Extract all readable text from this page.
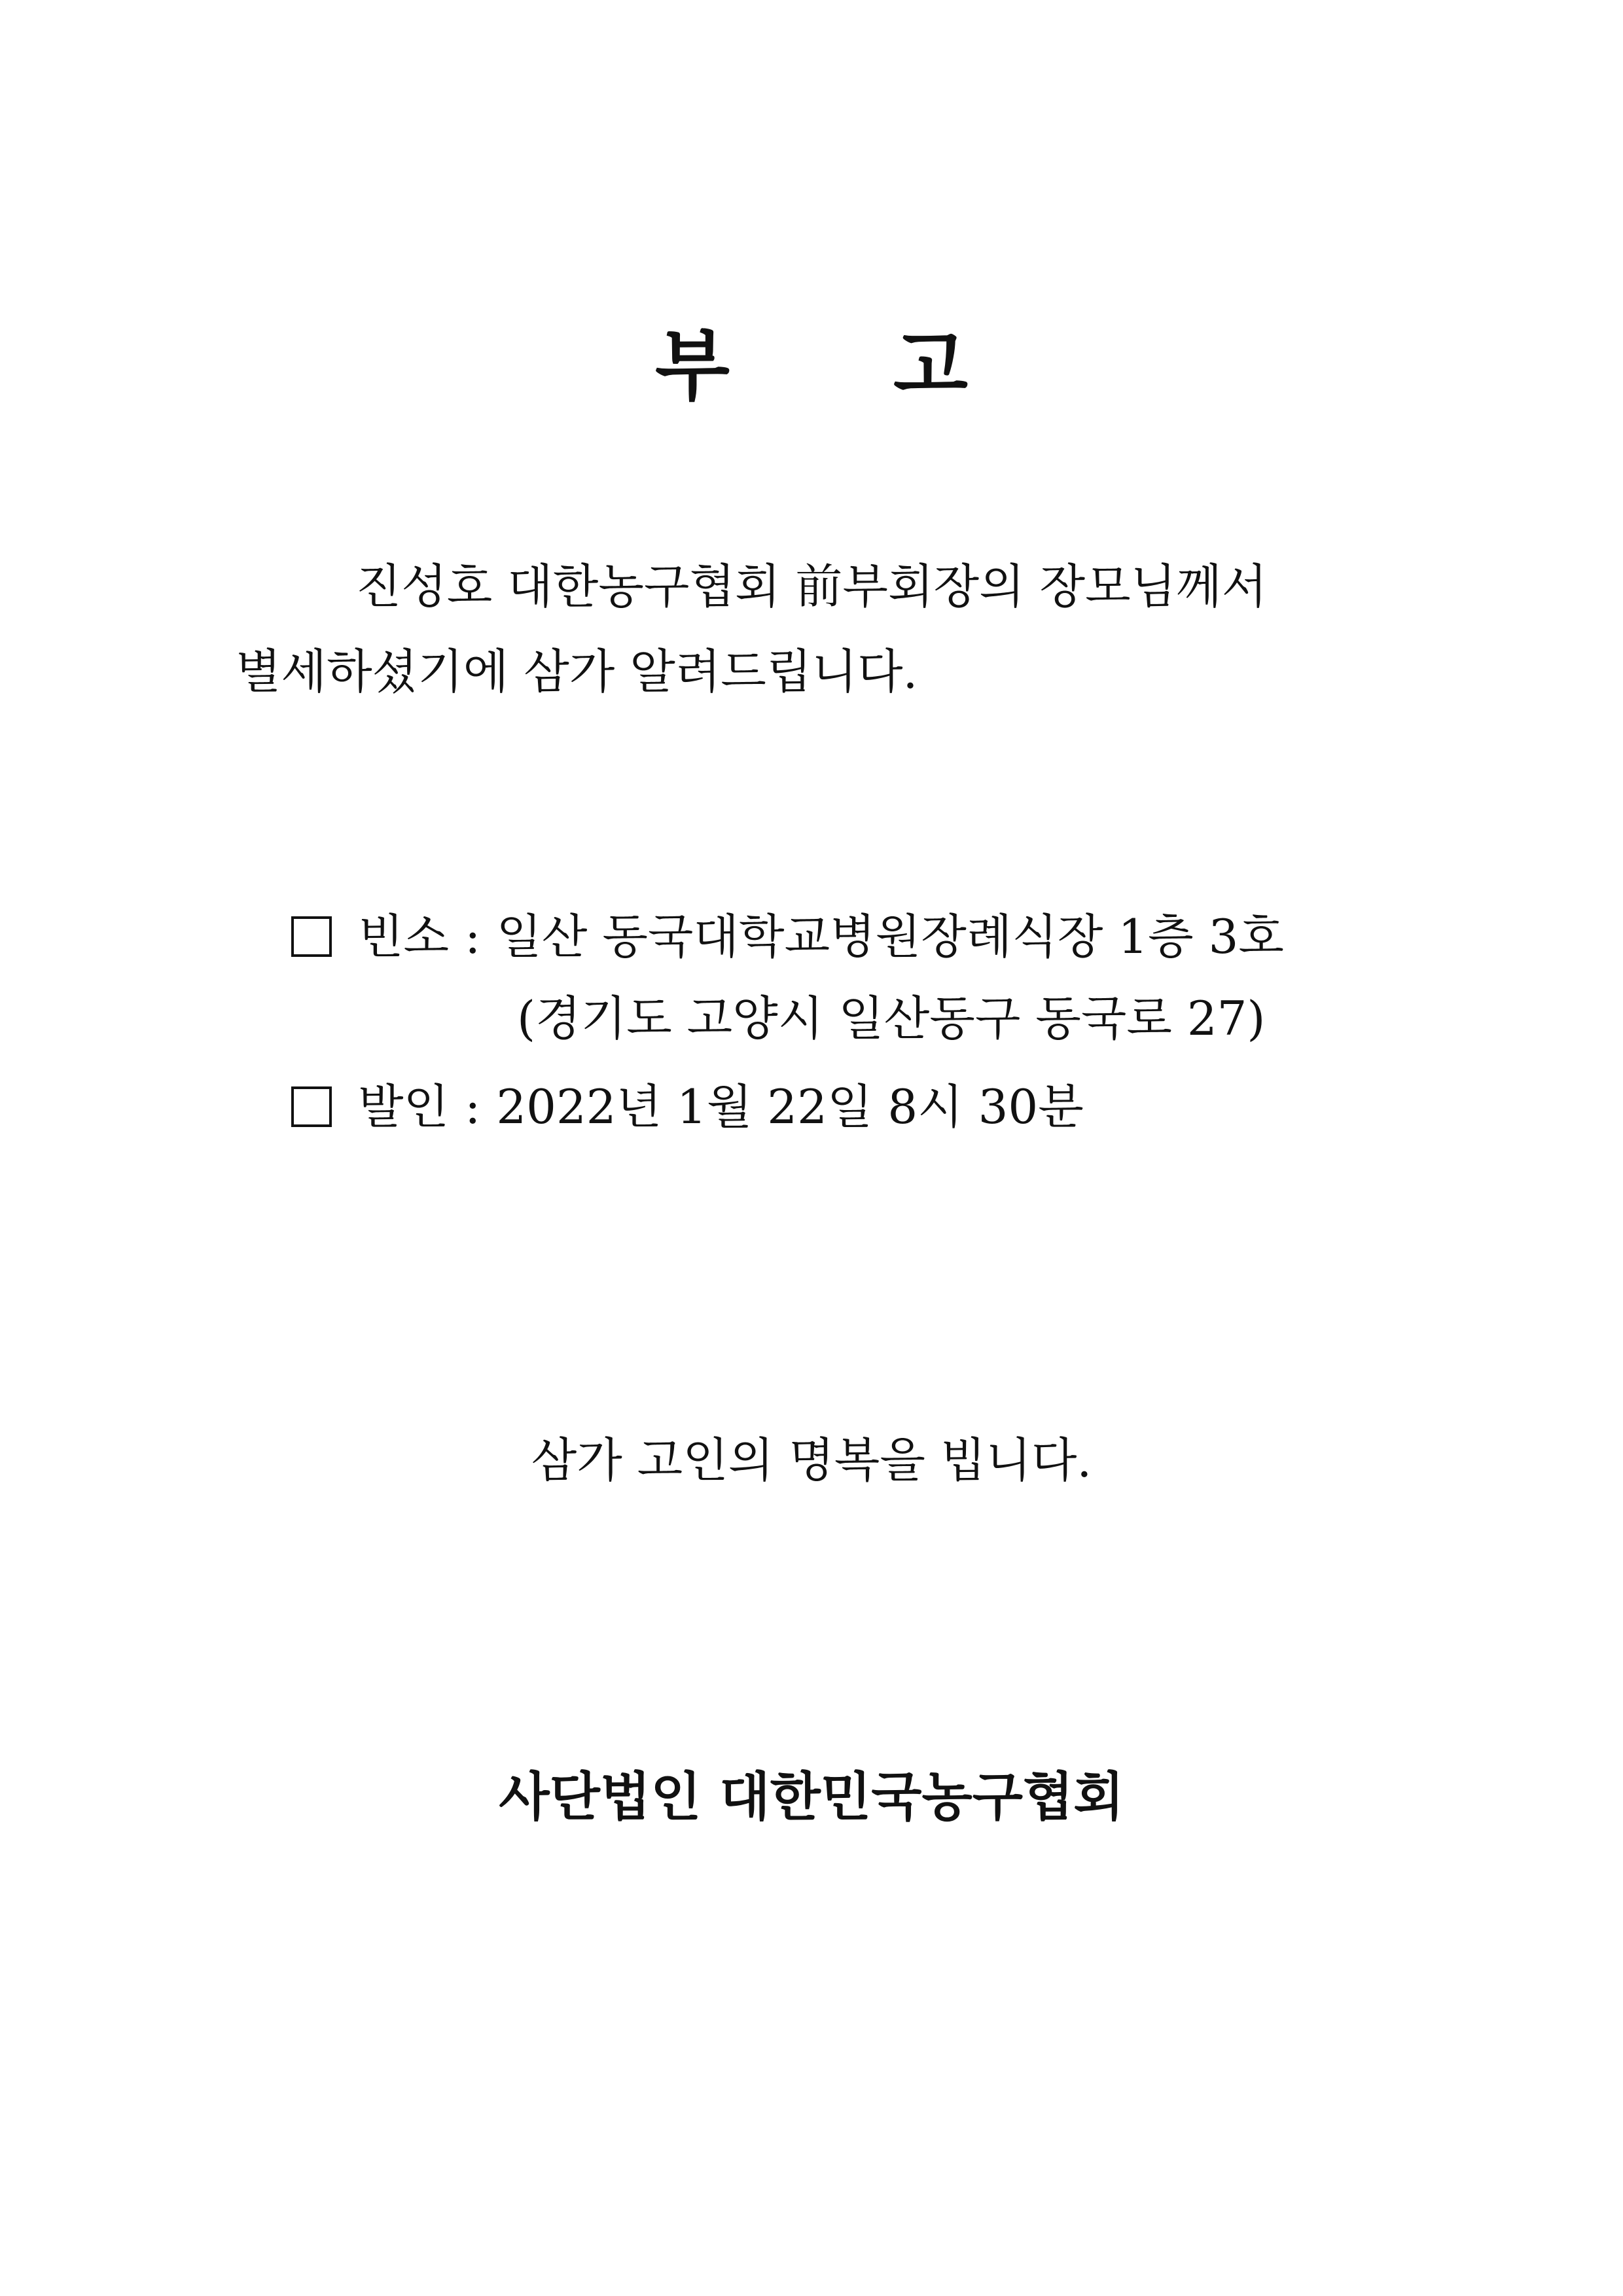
부 고
진성호 대한농구협회 前부회장의 장모님께서
별세하셨기에 삼가 알려드립니다.
빈소 : 일산 동국대학교병원장례식장 1층 3호
(경기도 고양시 일산동구 동국로 27)
발인 : 2022년 1월 22일 8시 30분
삼가 고인의 명복을 빕니다.
사단법인 대한민국농구협회
